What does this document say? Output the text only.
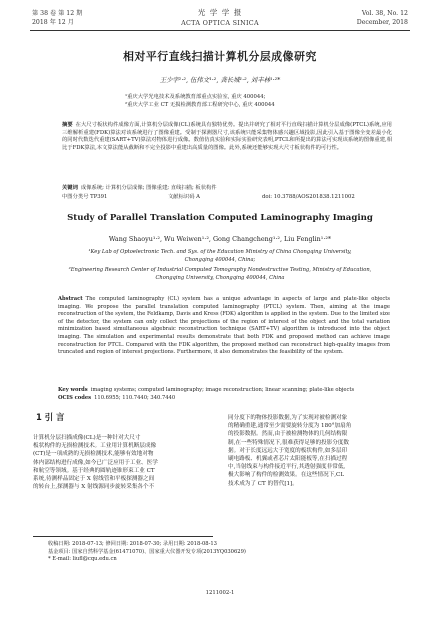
第 38 卷 第 12 期
2018 年 12 月
光 学 学 报
ACTA OPTICA SINICA
Vol. 38, No. 12
December, 2018
相对平行直线扫描计算机分层成像研究
王少宇¹·², 伍伟文¹·², 龚长城¹·², 刘丰林¹·²*
¹重庆大学光电技术及系统教育部重点实验室, 重庆 400044;
²重庆大学工业 CT 无损检测教育部工程研究中心, 重庆 400044
摘要 在大尺寸板状构件成像方面,计算机分层成像(CL)系统具有独特优势。提出并研究了相对平行直线扫描计算机分层成像(PTCL)系统,应用三维解析重建(FDK)算法对该系统进行了图像重建。受制于探测器尺寸,该系统只能采集物体感兴趣区域投影,因此引入基于图像全变差最小化的同时代数迭代重建(SART+TV)算法对物体进行成像。数值仿真实验和实际实验研究表明,PTCL和所提出的算法可实现该系统的图像重建,相比于FDK算法,本文算法能从截断和不完全投影中重建出高质量的图像。此外,系统还能够实现大尺寸板状构件的可行性。
关键词 成像系统; 计算机分层成像; 图像重建; 直线扫描; 板状构件
中图分类号 TP391	文献标识码 A	doi: 10.3788/AOS201838.1211002
Study of Parallel Translation Computed Laminography Imaging
Wang Shaoyu¹·², Wu Weiwen¹·², Gong Changcheng¹·², Liu Fenglin¹·²*
¹Key Lab of Optoelectronic Tech. and Sys. of the Education Ministry of China Chongqing University,
Chongqing 400044, China;
²Engineering Research Center of Industrial Computed Tomography Nondestructive Testing, Ministry of Education,
Chongqing University, Chongqing 400044, China
Abstract The computed laminography (CL) system has a unique advantage in aspects of large and plate-like objects imaging. We propose the parallel translation computed laminography (PTCL) system. Then, aiming at the image reconstruction of the system, the Feldkamp, Davis and Kress (FDK) algorithm is applied in the system. Due to the limited size of the detector, the system can only collect the projections of the region of interest of the object and the total variation minimization based simultaneous algebraic reconstruction technique (SART+TV) algorithm is introduced into the object imaging. The simulation and experimental results demonstrate that both FDK and proposed method can achieve image reconstruction for PTCL. Compared with the FDK algorithm, the proposed method can reconstruct high-quality images from truncated and region of interest projections. Furthermore, it also demonstrates the feasibility of the system.
Key words imaging systems; computed laminography; image reconstruction; linear scanning; plate-like objects
OCIS codes 110.6955; 110.7440; 340.7440
1 引 言
计算机分层扫描成像(CL)是一种针对大尺寸
板状构件的无损检测技术。工业用计算机断层成像
(CT)是一项成熟的无损检测技术,能够有效地对物
体内部结构进行成像,如今已广泛应用于工业、医学
和航空等领域。基于经典的圆轨迹锥形束工业 CT
系统,待测样品固定于 X 射线管和平板探测器之间
的转台上,探测器与 X 射线源同步旋转采集各个不
同分度下的物体投影数据,为了实现对被检测对象
的精确重建,通常至少需要旋转分度为 180°加扇角
的投影数据。然而,由于被检测物体的几何结构限
制,在一些特殊情况下,很难获得足够的投影分度数
据。对于长度远远大于宽度的板状构件,如多层印
刷电路板、机翼或者芯片太阳能板等,在扫描过程
中,当射线束与构件接近平行,其透射强度非常低,
极大影响了构件的检测效果。在这些情况下,CL
技术成为了 CT 的替代[1]。

收稿日期: 2018-07-13; 修回日期: 2018-07-30; 录用日期: 2018-08-13

基金项目: 国家自然科学基金(61471070)、国家重大仪器开发专项(2013YQ030629)

* E-mail: liufl@cqu.edu.cn

1211002-1
